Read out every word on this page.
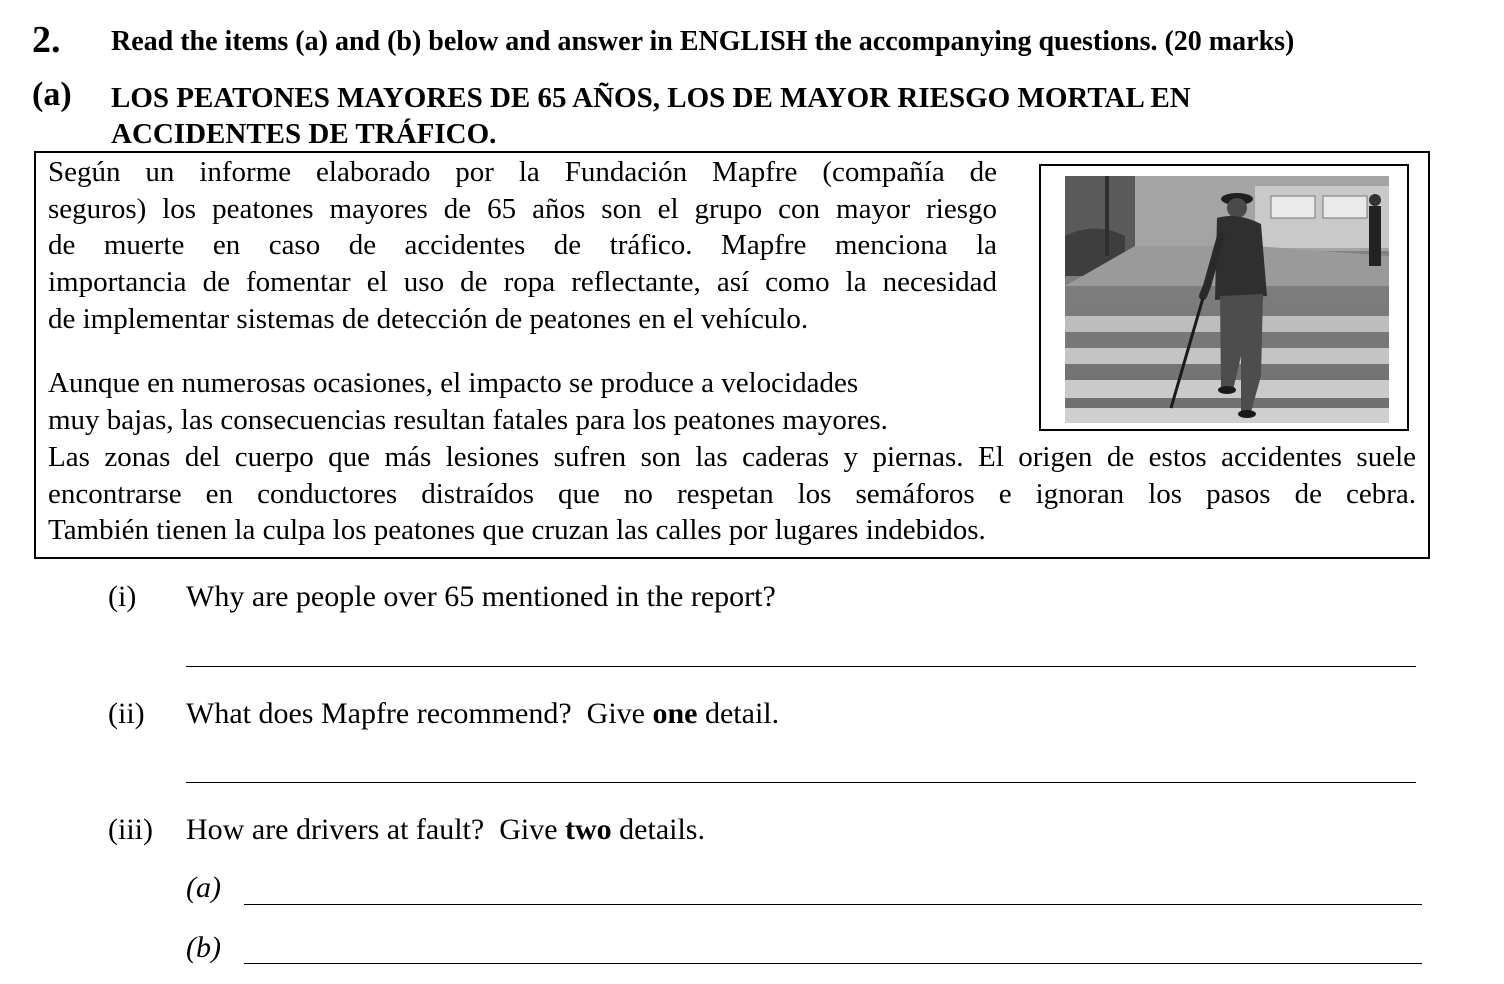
2. Read the items (a) and (b) below and answer in ENGLISH the accompanying questions. (20 marks)
(a) LOS PEATONES MAYORES DE 65 AÑOS, LOS DE MAYOR RIESGO MORTAL EN
ACCIDENTES DE TRÁFICO.
Según un informe elaborado por la Fundación Mapfre (compañía de
seguros) los peatones mayores de 65 años son el grupo con mayor riesgo
de muerte en caso de accidentes de tráfico. Mapfre menciona la
importancia de fomentar el uso de ropa reflectante, así como la necesidad
de implementar sistemas de detección de peatones en el vehículo.
Aunque en numerosas ocasiones, el impacto se produce a velocidades
muy bajas, las consecuencias resultan fatales para los peatones mayores.
Las zonas del cuerpo que más lesiones sufren son las caderas y piernas. El origen de estos accidentes suele
encontrarse en conductores distraídos que no respetan los semáforos e ignoran los pasos de cebra.
También tienen la culpa los peatones que cruzan las calles por lugares indebidos.
(i) Why are people over 65 mentioned in the report?
(ii) What does Mapfre recommend?  Give one detail.
(iii) How are drivers at fault?  Give two details.
(a)
(b)
